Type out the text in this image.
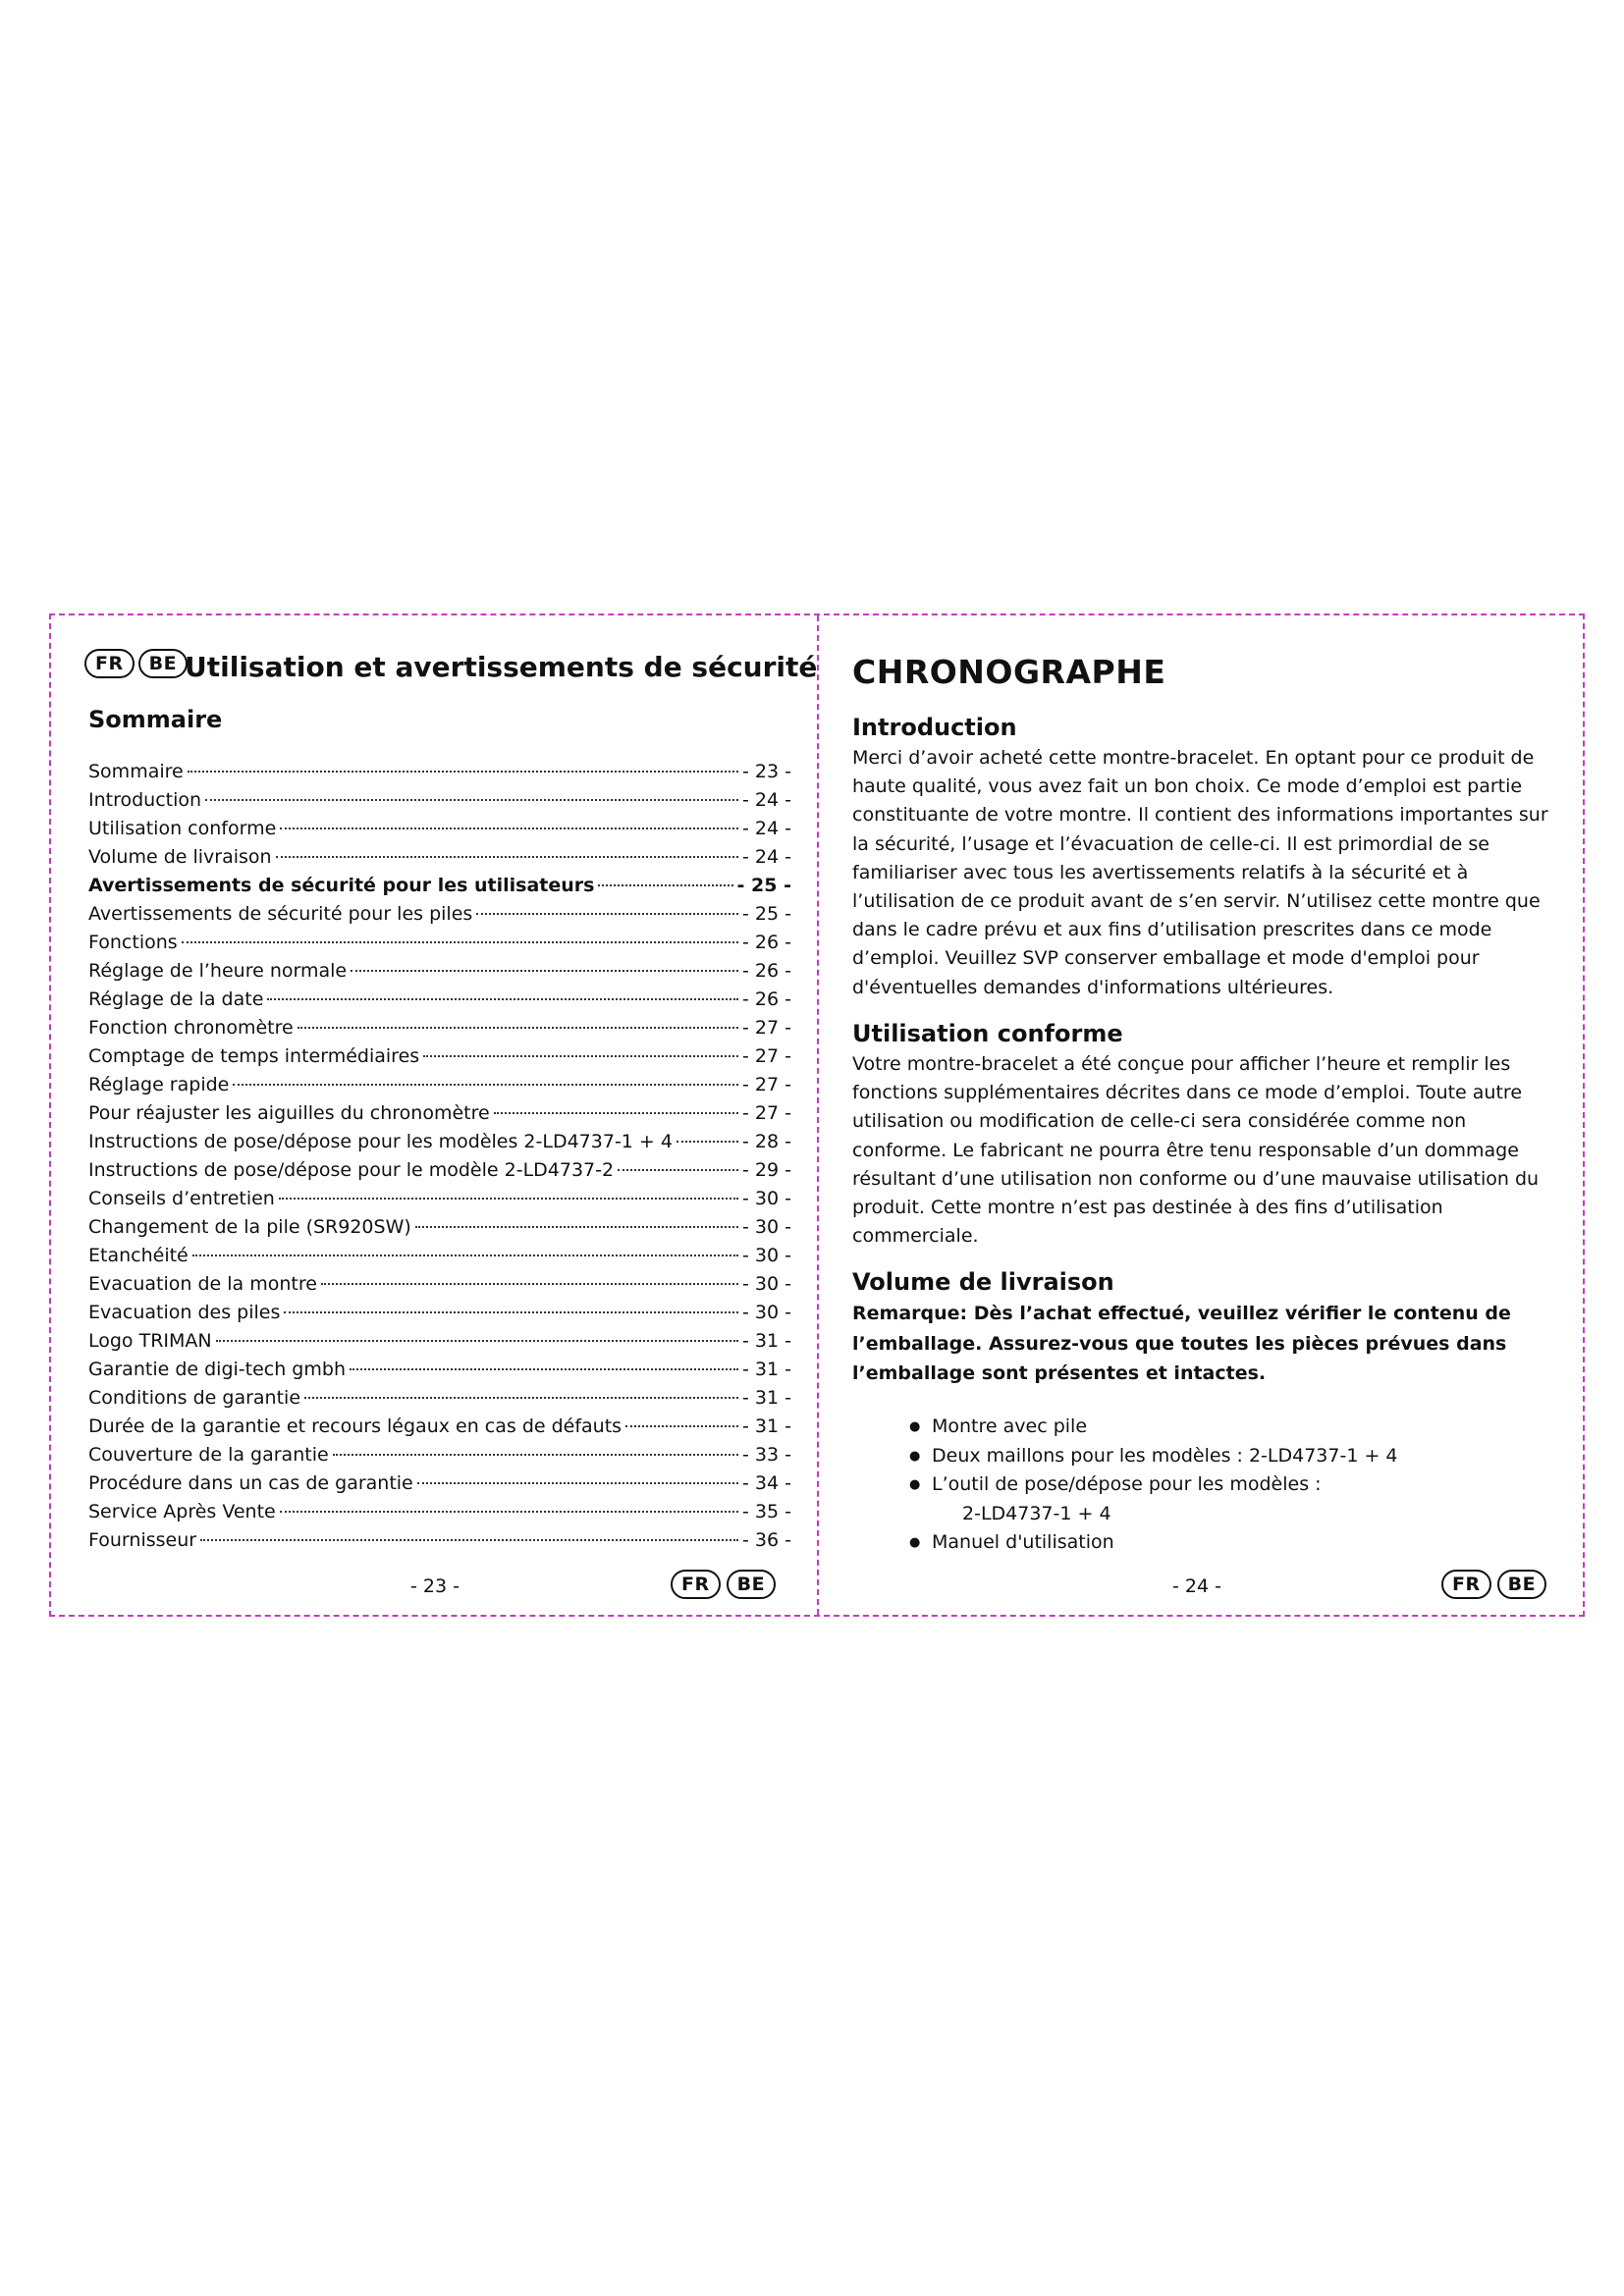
FR	BE Utilisation et avertissements de sécurité
Sommaire
Sommaire	- 23 -
Introduction	- 24 -
Utilisation conforme	- 24 -
Volume de livraison	- 24 -
Avertissements de sécurité pour les utilisateurs	- 25 -
Avertissements de sécurité pour les piles	- 25 -
Fonctions	- 26 -
Réglage de l’heure normale	- 26 -
Réglage de la date	- 26 -
Fonction chronomètre	- 27 -
Comptage de temps intermédiaires	- 27 -
Réglage rapide	- 27 -
Pour réajuster les aiguilles du chronomètre	- 27 -
Instructions de pose/dépose pour les modèles 2-LD4737-1 + 4	- 28 -
Instructions de pose/dépose pour le modèle 2-LD4737-2	- 29 -
Conseils d’entretien	- 30 -
Changement de la pile (SR920SW)	- 30 -
Etanchéité	- 30 -
Evacuation de la montre	- 30 -
Evacuation des piles	- 30 -
Logo TRIMAN	- 31 -
Garantie de digi-tech gmbh	- 31 -
Conditions de garantie	- 31 -
Durée de la garantie et recours légaux en cas de défauts	- 31 -
Couverture de la garantie	- 33 -
Procédure dans un cas de garantie	- 34 -
Service Après Vente	- 35 -
Fournisseur	- 36 -
- 23 -	FR	BE
CHRONOGRAPHE
Introduction

Merci d’avoir acheté cette montre-bracelet. En optant pour ce produit de haute qualité, vous avez fait un bon choix. Ce mode d’emploi est partie constituante de votre montre. Il contient des informations importantes sur la sécurité, l’usage et l’évacuation de celle-ci. Il est primordial de se familiariser avec tous les avertissements relatifs à la sécurité et à l’utilisation de ce produit avant de s’en servir. N’utilisez cette montre que dans le cadre prévu et aux fins d’utilisation prescrites dans ce mode d’emploi. Veuillez SVP conserver emballage et mode d'emploi pour d'éventuelles demandes d'informations ultérieures.

Utilisation conforme

Votre montre-bracelet a été conçue pour afficher l’heure et remplir les fonctions supplémentaires décrites dans ce mode d’emploi. Toute autre utilisation ou modification de celle-ci sera considérée comme non conforme. Le fabricant ne pourra être tenu responsable d’un dommage résultant d’une utilisation non conforme ou d’une mauvaise utilisation du produit. Cette montre n’est pas destinée à des fins d’utilisation commerciale.

Volume de livraison

Remarque: Dès l’achat effectué, veuillez vérifier le contenu de l’emballage. Assurez-vous que toutes les pièces prévues dans l’emballage sont présentes et intactes.

● Montre avec pile
● Deux maillons pour les modèles : 2-LD4737-1 + 4
● L’outil de pose/dépose pour les modèles :
2-LD4737-1 + 4
● Manuel d'utilisation
- 24 -	FR	BE
